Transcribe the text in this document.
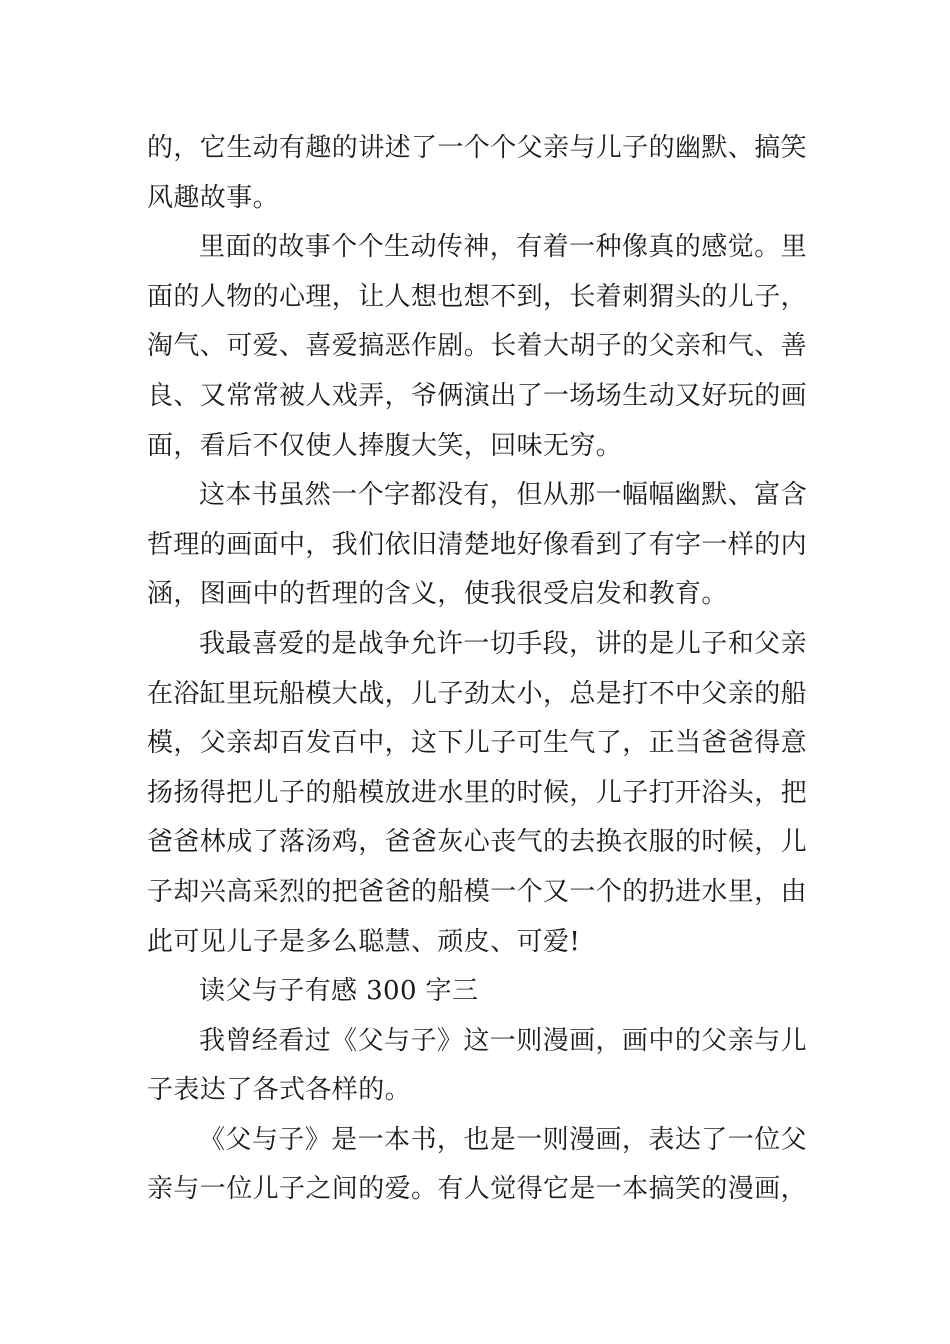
的，它生动有趣的讲述了一个个父亲与儿子的幽默、搞笑风趣故事。

里面的故事个个生动传神，有着一种像真的感觉。里面的人物的心理，让人想也想不到，长着刺猬头的儿子，淘气、可爱、喜爱搞恶作剧。长着大胡子的父亲和气、善良、又常常被人戏弄，爷俩演出了一场场生动又好玩的画面，看后不仅使人捧腹大笑，回味无穷。

这本书虽然一个字都没有，但从那一幅幅幽默、富含哲理的画面中，我们依旧清楚地好像看到了有字一样的内涵，图画中的哲理的含义，使我很受启发和教育。

我最喜爱的是战争允许一切手段，讲的是儿子和父亲在浴缸里玩船模大战，儿子劲太小，总是打不中父亲的船模，父亲却百发百中，这下儿子可生气了，正当爸爸得意扬扬得把儿子的船模放进水里的时候，儿子打开浴头，把爸爸林成了落汤鸡，爸爸灰心丧气的去换衣服的时候，儿子却兴高采烈的把爸爸的船模一个又一个的扔进水里，由此可见儿子是多么聪慧、顽皮、可爱!

读父与子有感 300 字三

我曾经看过《父与子》这一则漫画，画中的父亲与儿子表达了各式各样的。

《父与子》是一本书，也是一则漫画，表达了一位父亲与一位儿子之间的爱。有人觉得它是一本搞笑的漫画，
